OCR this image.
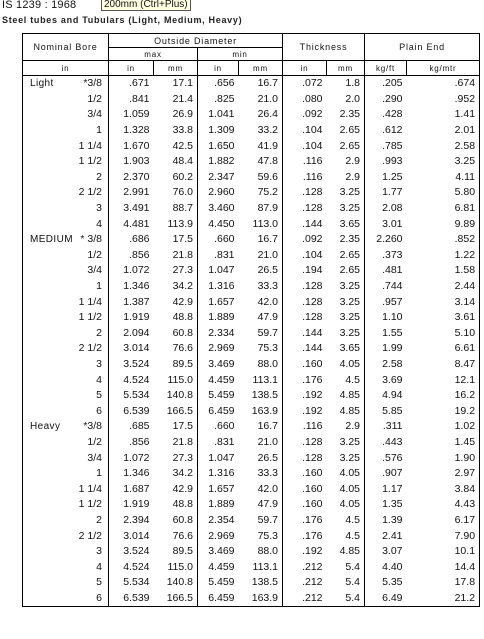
IS 1239 : 1968	200mm (Ctrl+Plus)
Steel tubes and Tubulars (Light, Medium, Heavy)
Nominal Bore	Outside Diameter				Thickness		Plain End	
	max		min					
in	in	mm	in	mm	in	mm	kg/ft	kg/mtr

Light *3/8	.671	17.1	.656	16.7	.072	1.8	.205	.674
1/2	.841	21.4	.825	21.0	.080	2.0	.290	.952
3/4	1.059	26.9	1.041	26.4	.092	2.35	.428	1.41
1	1.328	33.8	1.309	33.2	.104	2.65	.612	2.01
1 1/4	1.670	42.5	1.650	41.9	.104	2.65	.785	2.58
1 1/2	1.903	48.4	1.882	47.8	.116	2.9	.993	3.25
2	2.370	60.2	2.347	59.6	.116	2.9	1.25	4.11
2 1/2	2.991	76.0	2.960	75.2	.128	3.25	1.77	5.80
3	3.491	88.7	3.460	87.9	.128	3.25	2.08	6.81
4	4.481	113.9	4.450	113.0	.144	3.65	3.01	9.89

MEDIUM * 3/8	.686	17.5	.660	16.7	.092	2.35	2.260	.852
1/2	.856	21.8	.831	21.0	.104	2.65	.373	1.22
3/4	1.072	27.3	1.047	26.5	.194	2.65	.481	1.58
1	1.346	34.2	1.316	33.3	.128	3.25	.744	2.44
1 1/4	1.387	42.9	1.657	42.0	.128	3.25	.957	3.14
1 1/2	1.919	48.8	1.889	47.9	.128	3.25	1.10	3.61
2	2.094	60.8	2.334	59.7	.144	3.25	1.55	5.10
2 1/2	3.014	76.6	2.969	75.3	.144	3.65	1.99	6.61
3	3.524	89.5	3.469	88.0	.160	4.05	2.58	8.47
4	4.524	115.0	4.459	113.1	.176	4.5	3.69	12.1
5	5.534	140.8	5.459	138.5	.192	4.85	4.94	16.2
6	6.539	166.5	6.459	163.9	.192	4.85	5.85	19.2

Heavy *3/8	.685	17.5	.660	16.7	.116	2.9	.311	1.02
1/2	.856	21.8	.831	21.0	.128	3.25	.443	1.45
3/4	1.072	27.3	1.047	26.5	.128	3.25	.576	1.90
1	1.346	34.2	1.316	33.3	.160	4.05	.907	2.97
1 1/4	1.687	42.9	1.657	42.0	.160	4.05	1.17	3.84
1 1/2	1.919	48.8	1.889	47.9	.160	4.05	1.35	4.43
2	2.394	60.8	2.354	59.7	.176	4.5	1.39	6.17
2 1/2	3.014	76.6	2.969	75.3	.176	4.5	2.41	7.90
3	3.524	89.5	3.469	88.0	.192	4.85	3.07	10.1
4	4.524	115.0	4.459	113.1	.212	5.4	4.40	14.4
5	5.534	140.8	5.459	138.5	.212	5.4	5.35	17.8
6	6.539	166.5	6.459	163.9	.212	5.4	6.49	21.2
